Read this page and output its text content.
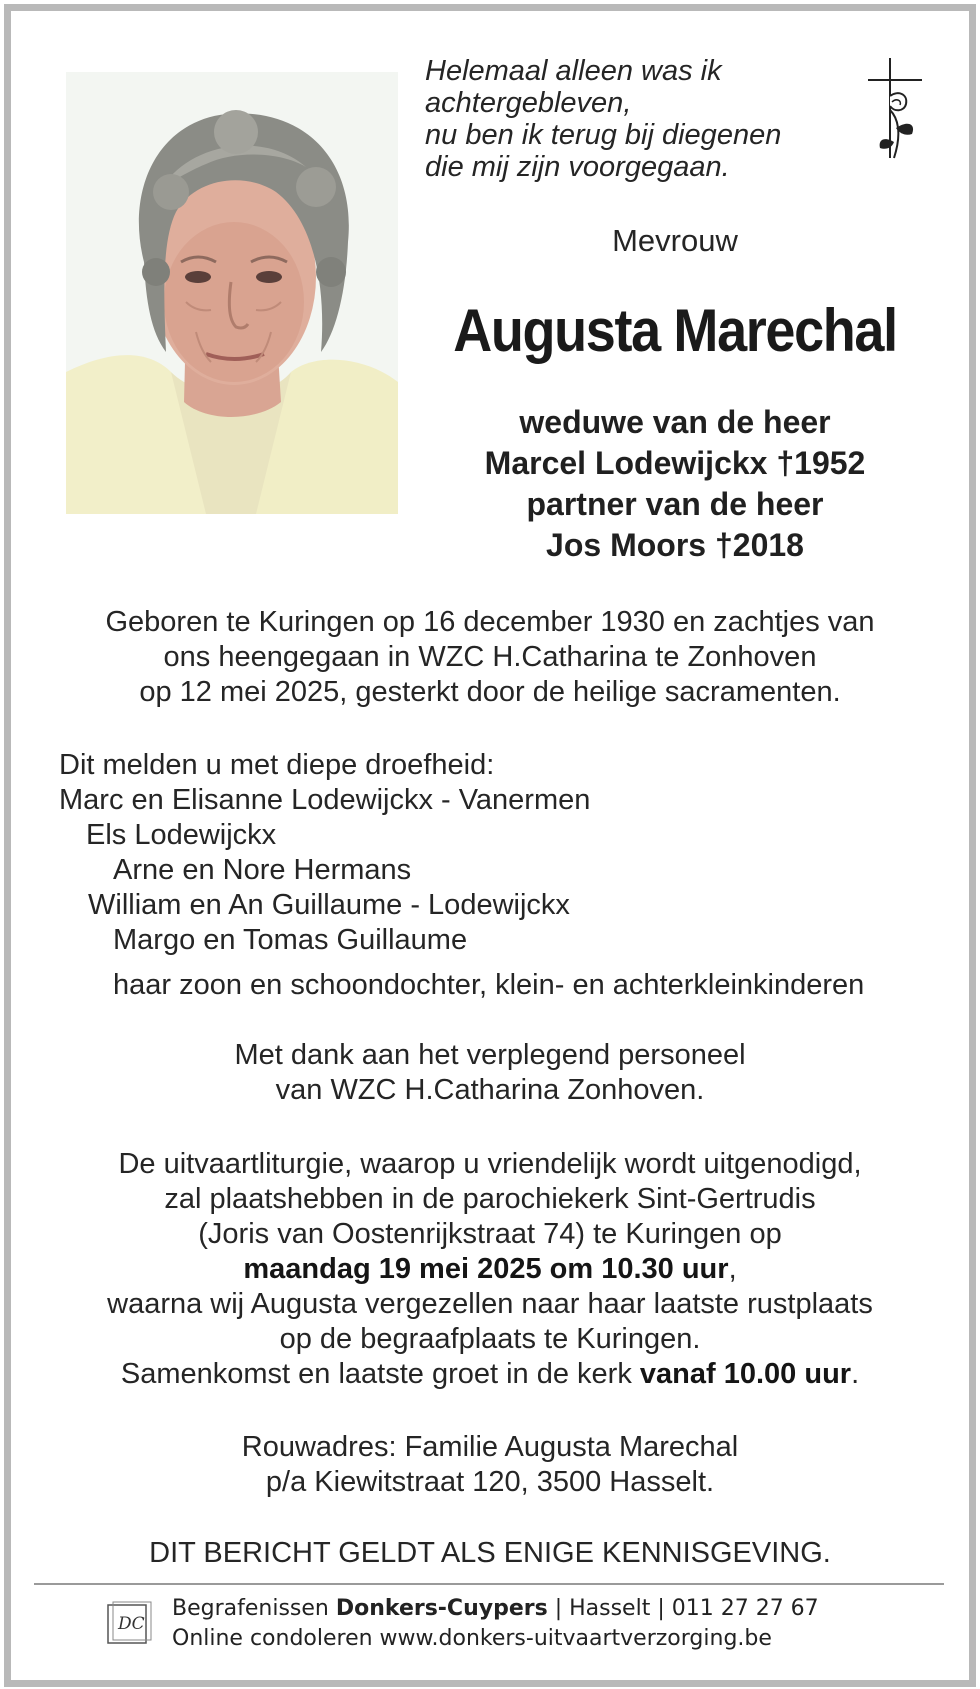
Helemaal alleen was ik
achtergebleven,
nu ben ik terug bij diegenen
die mij zijn voorgegaan.
Mevrouw
Augusta Marechal
weduwe van de heer
Marcel Lodewijckx †1952
partner van de heer
Jos Moors †2018
Geboren te Kuringen op 16 december 1930 en zachtjes van
ons heengegaan in WZC H.Catharina te Zonhoven
op 12 mei 2025, gesterkt door de heilige sacramenten.
Dit melden u met diepe droefheid:
Marc en Elisanne Lodewijckx - Vanermen
Els Lodewijckx
Arne en Nore Hermans
William en An Guillaume - Lodewijckx
Margo en Tomas Guillaume
haar zoon en schoondochter, klein- en achterkleinkinderen
Met dank aan het verplegend personeel
van WZC H.Catharina Zonhoven.
De uitvaartliturgie, waarop u vriendelijk wordt uitgenodigd,
zal plaatshebben in de parochiekerk Sint-Gertrudis
(Joris van Oostenrijkstraat 74) te Kuringen op
maandag 19 mei 2025 om 10.30 uur,
waarna wij Augusta vergezellen naar haar laatste rustplaats
op de begraafplaats te Kuringen.
Samenkomst en laatste groet in de kerk vanaf 10.00 uur.
Rouwadres: Familie Augusta Marechal
p/a Kiewitstraat 120, 3500 Hasselt.
DIT BERICHT GELDT ALS ENIGE KENNISGEVING.
DC
Begrafenissen Donkers-Cuypers | Hasselt | 011 27 27 67
Online condoleren www.donkers-uitvaartverzorging.be
